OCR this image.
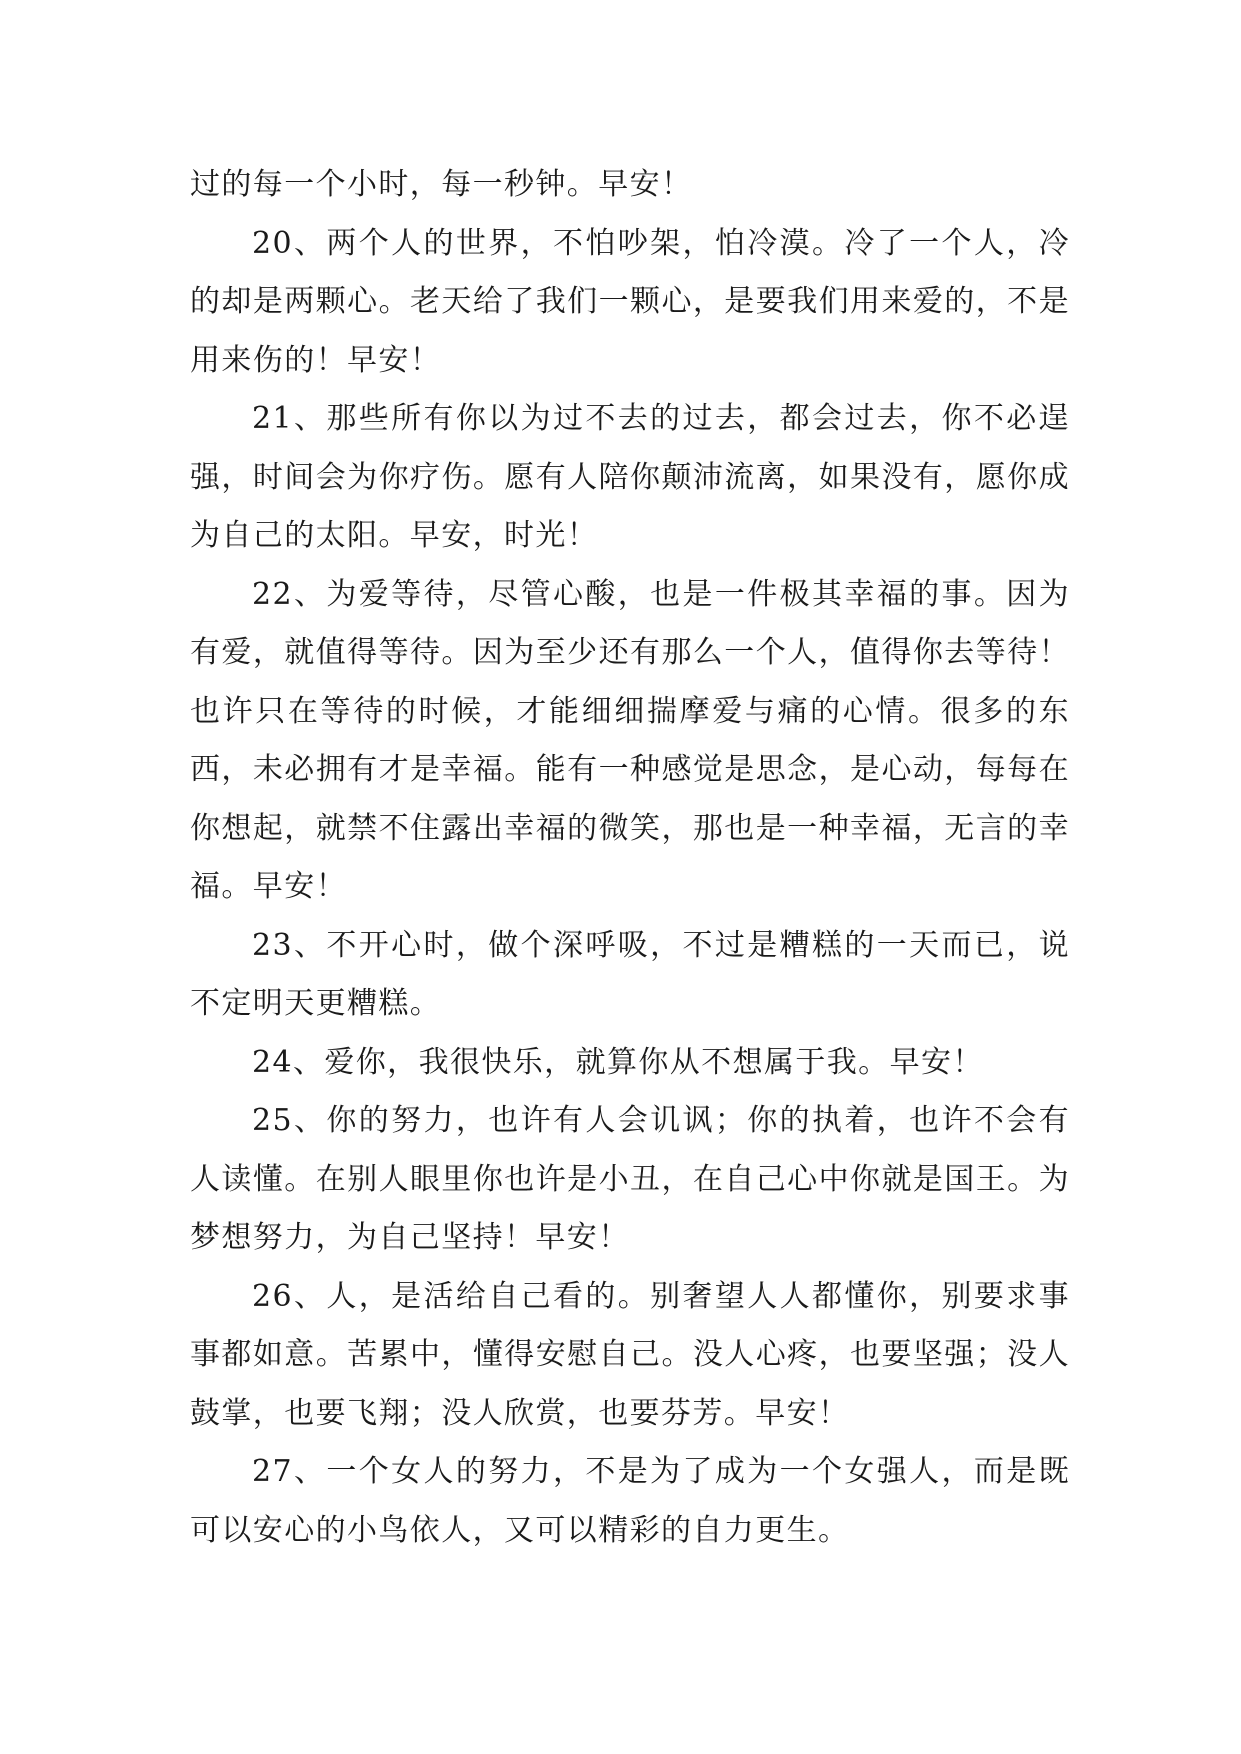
过的每一个小时，每一秒钟。早安！

20、两个人的世界，不怕吵架，怕冷漠。冷了一个人，冷的却是两颗心。老天给了我们一颗心，是要我们用来爱的，不是用来伤的！早安！

21、那些所有你以为过不去的过去，都会过去，你不必逞强，时间会为你疗伤。愿有人陪你颠沛流离，如果没有，愿你成为自己的太阳。早安，时光！

22、为爱等待，尽管心酸，也是一件极其幸福的事。因为有爱，就值得等待。因为至少还有那么一个人，值得你去等待！也许只在等待的时候，才能细细揣摩爱与痛的心情。很多的东西，未必拥有才是幸福。能有一种感觉是思念，是心动，每每在你想起，就禁不住露出幸福的微笑，那也是一种幸福，无言的幸福。早安！

23、不开心时，做个深呼吸，不过是糟糕的一天而已，说不定明天更糟糕。

24、爱你，我很快乐，就算你从不想属于我。早安！

25、你的努力，也许有人会讥讽；你的执着，也许不会有人读懂。在别人眼里你也许是小丑，在自己心中你就是国王。为梦想努力，为自己坚持！早安！

26、人，是活给自己看的。别奢望人人都懂你，别要求事事都如意。苦累中，懂得安慰自己。没人心疼，也要坚强；没人鼓掌，也要飞翔；没人欣赏，也要芬芳。早安！

27、一个女人的努力，不是为了成为一个女强人，而是既可以安心的小鸟依人，又可以精彩的自力更生。
